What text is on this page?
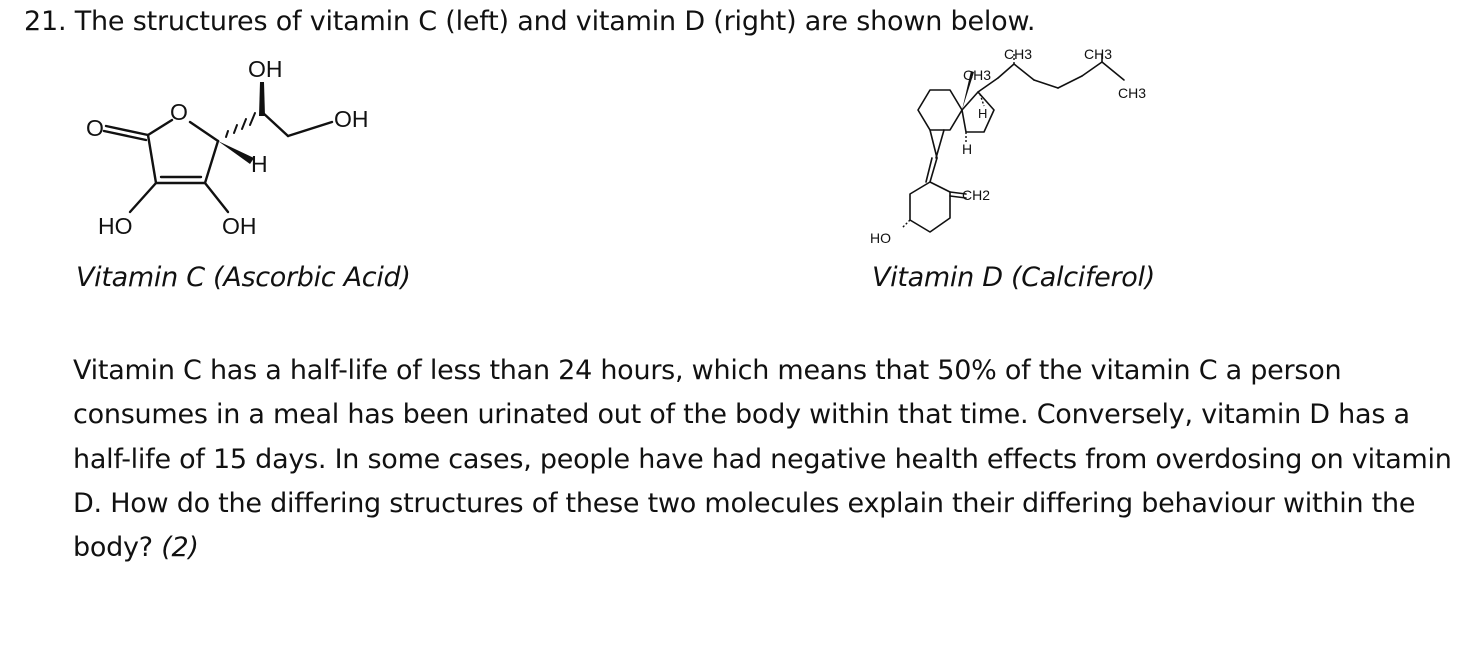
21. The structures of vitamin C (left) and vitamin D (right) are shown below.
OH
O	OH
O
H
HO	OH
Vitamin C (Ascorbic Acid)
CH3
CH3	CH3
CH3
H
H
CH2
HO
Vitamin D (Calciferol)

Vitamin C has a half-life of less than 24 hours, which means that 50% of the vitamin C a person consumes in a meal has been urinated out of the body within that time. Conversely, vitamin D has a half-life of 15 days. In some cases, people have had negative health effects from overdosing on vitamin D. How do the differing structures of these two molecules explain their differing behaviour within the body? (2)
